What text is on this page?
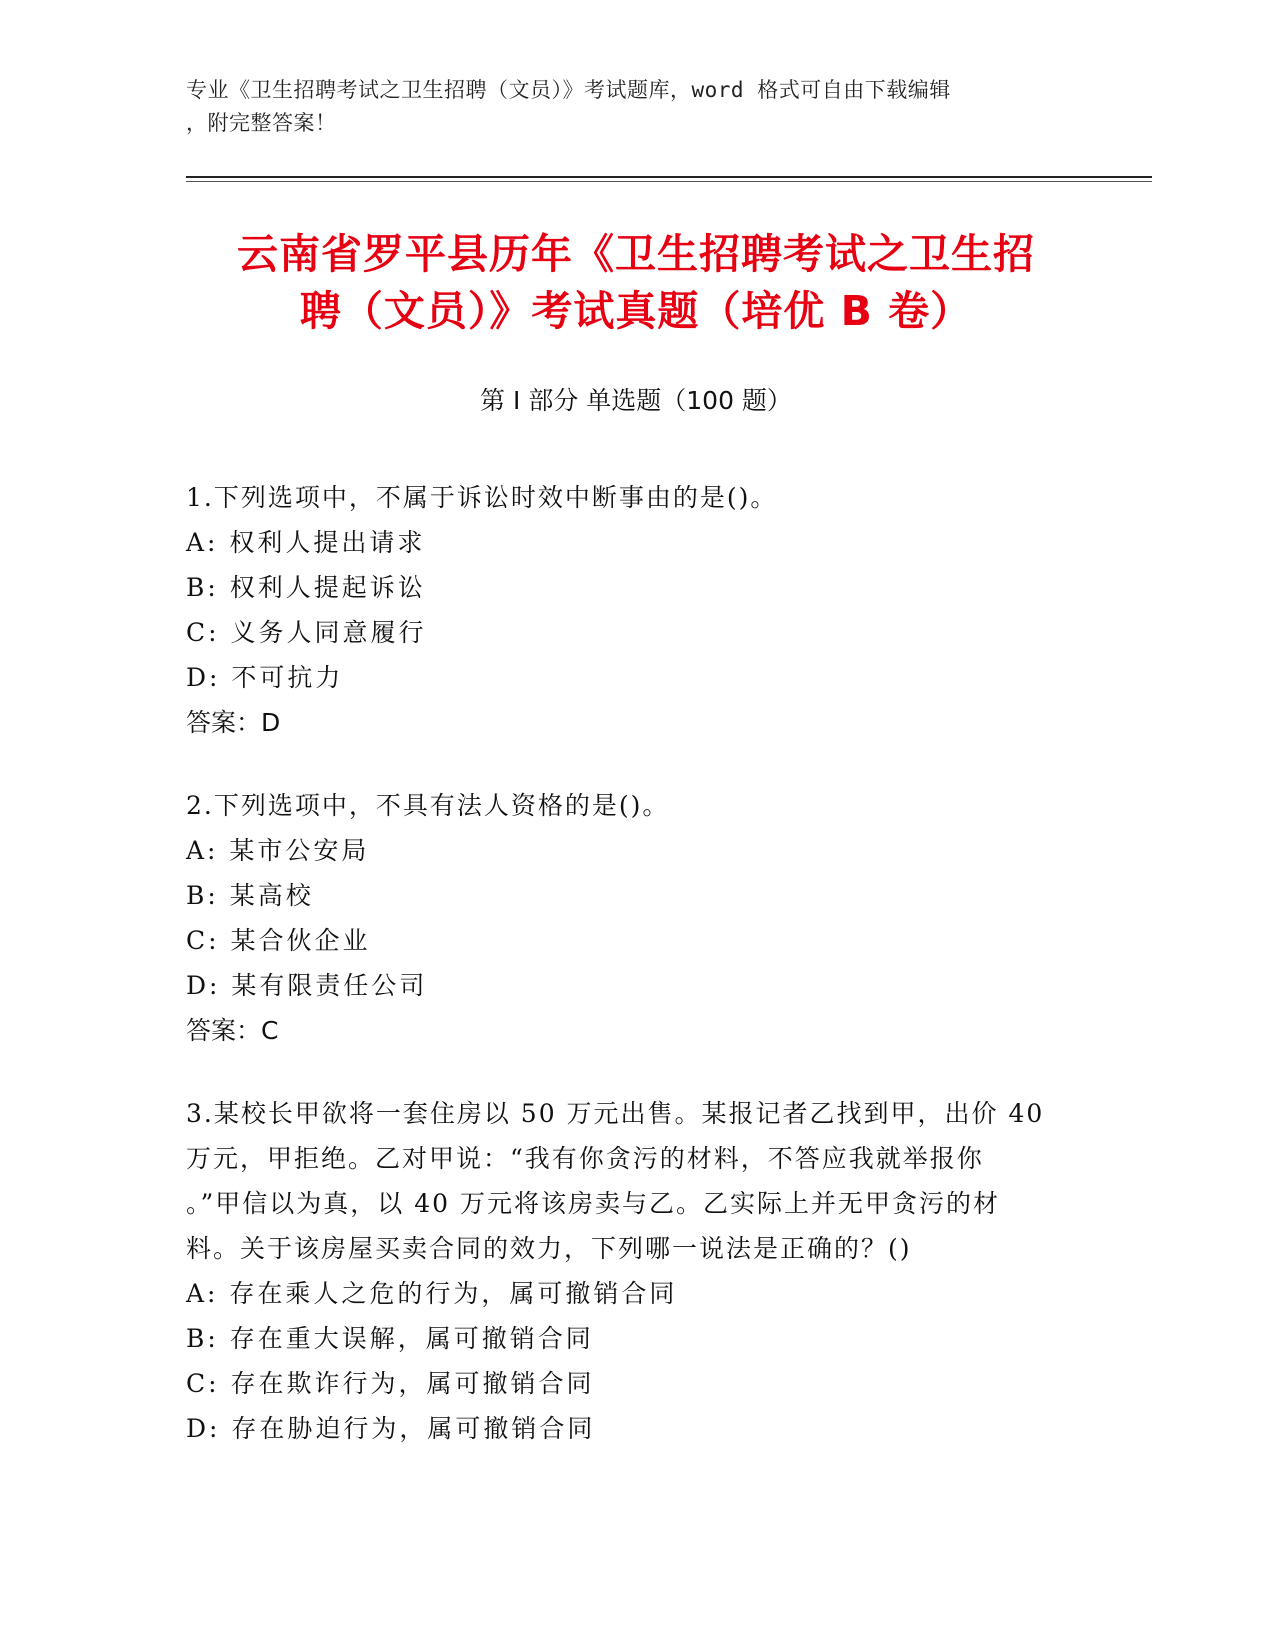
专业《卫生招聘考试之卫生招聘（文员）》考试题库，word 格式可自由下载编辑
，附完整答案！
云南省罗平县历年《卫生招聘考试之卫生招
聘（文员）》考试真题（培优 B 卷）
第 I 部分 单选题（100 题）

1.下列选项中，不属于诉讼时效中断事由的是()。

A: 权利人提出请求

B: 权利人提起诉讼

C: 义务人同意履行

D: 不可抗力

答案：D

2.下列选项中，不具有法人资格的是()。

A: 某市公安局

B: 某高校

C: 某合伙企业

D: 某有限责任公司

答案：C

3.某校长甲欲将一套住房以 50 万元出售。某报记者乙找到甲，出价 40

万元，甲拒绝。乙对甲说：“我有你贪污的材料，不答应我就举报你

。”甲信以为真，以 40 万元将该房卖与乙。乙实际上并无甲贪污的材

料。关于该房屋买卖合同的效力，下列哪一说法是正确的？()

A: 存在乘人之危的行为，属可撤销合同

B: 存在重大误解，属可撤销合同

C: 存在欺诈行为，属可撤销合同

D: 存在胁迫行为，属可撤销合同
